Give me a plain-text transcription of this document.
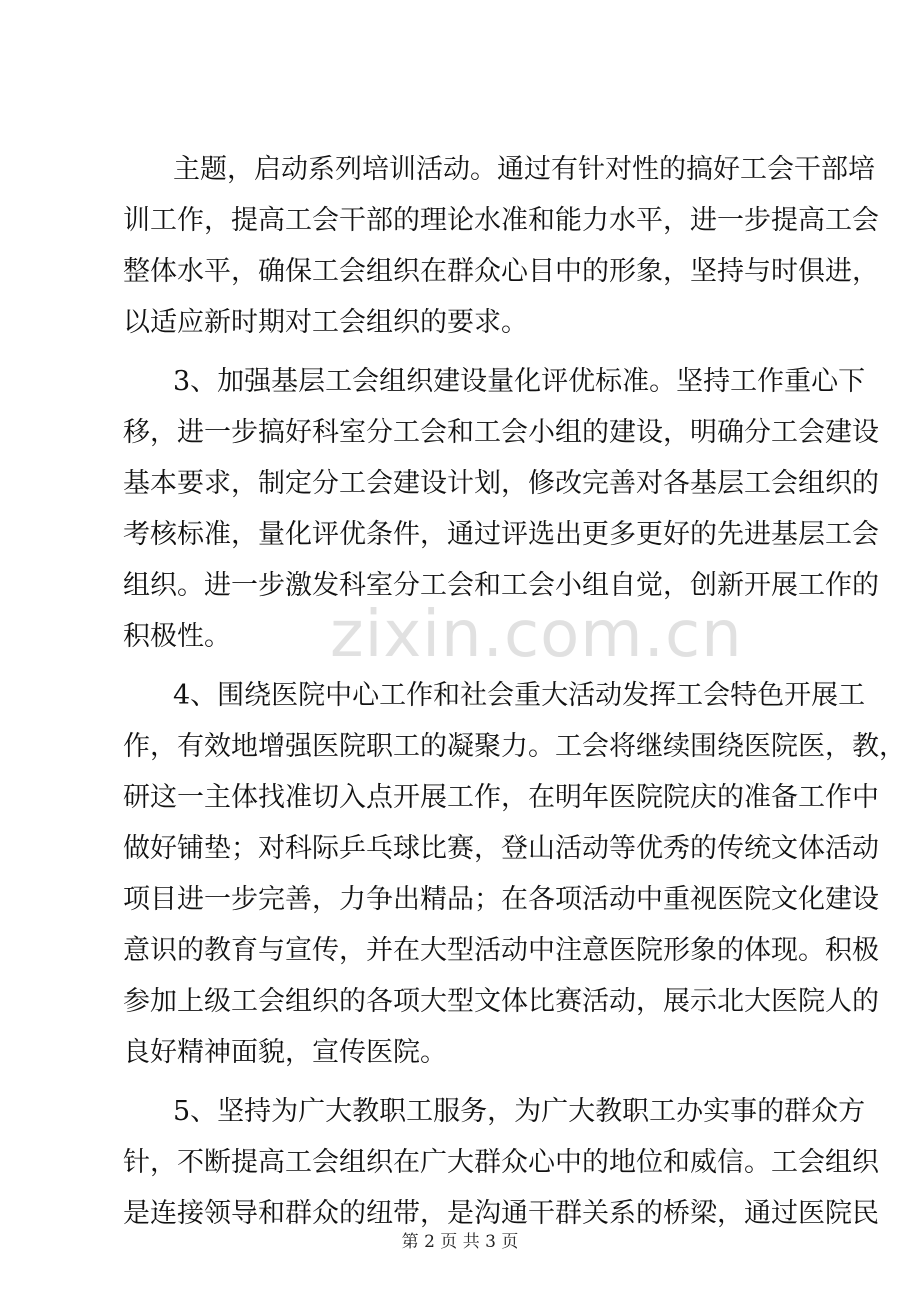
主题，启动系列培训活动。通过有针对性的搞好工会干部培
训工作，提高工会干部的理论水准和能力水平，进一步提高工会
整体水平，确保工会组织在群众心目中的形象，坚持与时俱进，
以适应新时期对工会组织的要求。
3、加强基层工会组织建设量化评优标准。坚持工作重心下
移，进一步搞好科室分工会和工会小组的建设，明确分工会建设
基本要求，制定分工会建设计划，修改完善对各基层工会组织的
考核标准，量化评优条件，通过评选出更多更好的先进基层工会
组织。进一步激发科室分工会和工会小组自觉，创新开展工作的
积极性。
4、围绕医院中心工作和社会重大活动发挥工会特色开展工
作，有效地增强医院职工的凝聚力。工会将继续围绕医院医，教，
研这一主体找准切入点开展工作，在明年医院院庆的准备工作中
做好铺垫；对科际乒乓球比赛，登山活动等优秀的传统文体活动
项目进一步完善，力争出精品；在各项活动中重视医院文化建设
意识的教育与宣传，并在大型活动中注意医院形象的体现。积极
参加上级工会组织的各项大型文体比赛活动，展示北大医院人的
良好精神面貌，宣传医院。
5、坚持为广大教职工服务，为广大教职工办实事的群众方
针，不断提高工会组织在广大群众心中的地位和威信。工会组织
是连接领导和群众的纽带，是沟通干群关系的桥梁，通过医院民
zixin.com.cn
第 2 页 共 3 页
